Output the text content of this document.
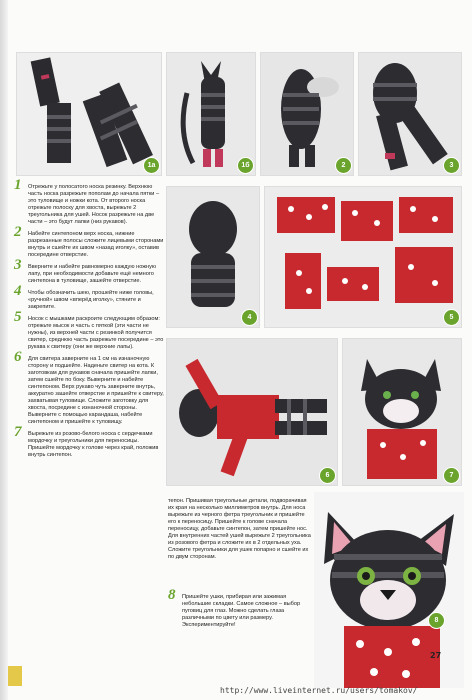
1a	1б	2	3
4	5
6	7
1 Отрежьте у полосатого носка резинку. Верхнюю часть носка разрежьте пополам до начала пятки – это туловище и ножки кота. От второго носка отрежьте полоску для хвоста, вырежьте 2 треугольника для ушей. Носок разрежьте на две части – это будут лапки (низ рукавов).
2 Набейте синтепоном верх носка, нижние разрезанные полосы сложите лицевыми сторонами внутрь и сшейте их швом «назад иголку», оставив посередине отверстие.
3 Вверните и набейте равномерно каждую ножную лапу, при необходимости добавьте ещё немного синтепона в туловище, зашейте отверстие.
4 Чтобы обозначить шею, прошейте ниже головы, «ручной» швом «вперёд иголку», стяните и закрепите.
5 Носок с мышками раскроите следующим образом: отрежьте мысок и часть с пяткой (эти части не нужны), из верхней части с резинкой получится свитер, среднюю часть разрежьте посередине – это рукава к свитеру (они же верхние лапы).
6 Для свитера заверните на 1 см на изнаночную сторону и подшейте. Наденьте свитер на кота. К заготовкам для рукавов сначала пришейте лапки, затем сшейте по боку. Выверните и набейте синтепоном. Верх рукаво чуть заверните внутрь, аккуратно зашейте отверстие и пришейте к свитеру, захватывая туловище. Сложите заготовку для хвоста, посредине с изнаночной стороны. Выверните с помощью карандаша, набейте синтепоном и пришейте к туловищу.
7 Вырежьте из розово-белого носка с сердечками мордочку и треугольники для переносицы. Пришейте мордочку к голове через край, положив внутрь синтепон.
тепон. Пришивая треугольные детали, подворачивая их края на несколько миллиметров внутрь. Для носа вырежьте из черного фетра треугольник и пришейте его к переносицу. Пришейте к голове сначала переносицу, добавьте синтепон, затем пришейте нос. Для внутренних частей ушей вырежьте 2 треугольника из розового фетра и сложите их в 2 отдельных уха. Сложите треугольники для ушек попарно и сшейте их по двум сторонам.
8 Пришейте ушки, прибирая или зажимая небольшие складки. Самое сложное – выбор пуговиц для глаз. Можно сделать глаза различными по цвету или размеру. Экспериментируйте!
8
27
http://www.liveinternet.ru/users/tomakov/
